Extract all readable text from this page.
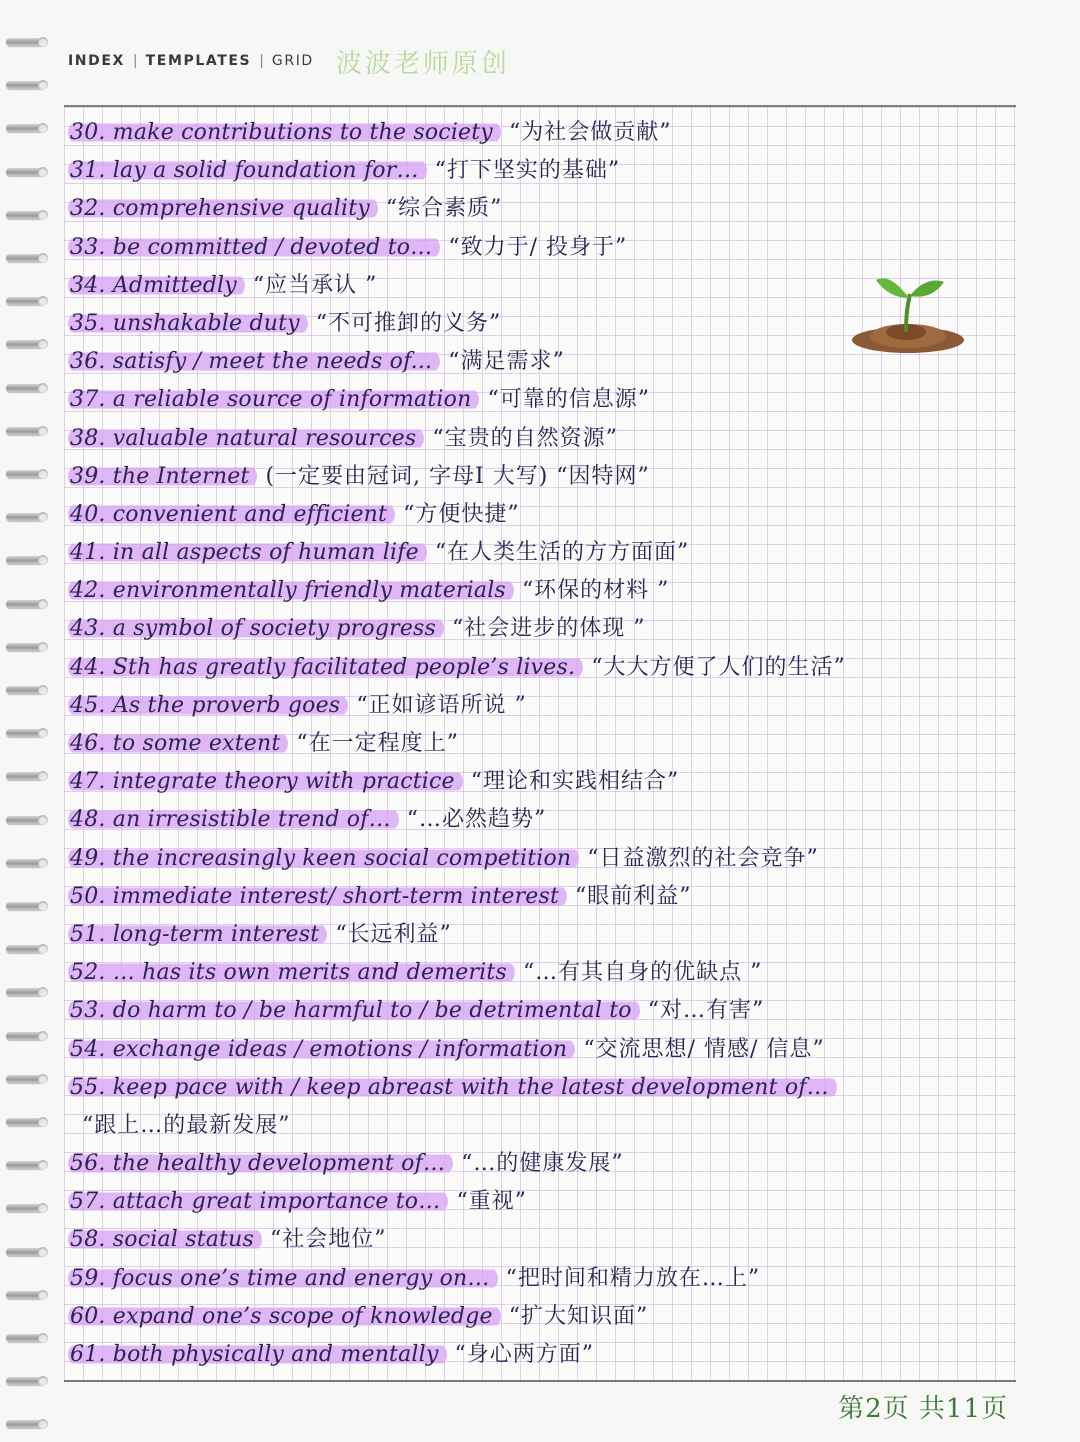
INDEX | TEMPLATES | GRID 波波老师原创
30. make contributions to the society “为社会做贡献”
31. lay a solid foundation for… “打下坚实的基础”
32. comprehensive quality “综合素质”
33. be committed / devoted to… “致力于/ 投身于”
34. Admittedly “应当承认 ”
35. unshakable duty “不可推卸的义务”
36. satisfy / meet the needs of... “满足需求”
37. a reliable source of information “可靠的信息源”
38. valuable natural resources “宝贵的自然资源”
39. the Internet (一定要由冠词, 字母I 大写) “因特网”
40. convenient and efficient “方便快捷”
41. in all aspects of human life “在人类生活的方方面面”
42. environmentally friendly materials “环保的材料 ”
43. a symbol of society progress “社会进步的体现 ”
44. Sth has greatly facilitated people’s lives. “大大方便了人们的生活”
45. As the proverb goes “正如谚语所说 ”
46. to some extent “在一定程度上”
47. integrate theory with practice “理论和实践相结合”
48. an irresistible trend of… “…必然趋势”
49. the increasingly keen social competition “日益激烈的社会竞争”
50. immediate interest/ short-term interest “眼前利益”
51. long-term interest “长远利益”
52. … has its own merits and demerits “…有其自身的优缺点 ”
53. do harm to / be harmful to / be detrimental to “对…有害”
54. exchange ideas / emotions / information “交流思想/ 情感/ 信息”
55. keep pace with / keep abreast with the latest development of…
“跟上…的最新发展”
56. the healthy development of… “…的健康发展”
57. attach great importance to… “重视”
58. social status “社会地位”
59. focus one’s time and energy on… “把时间和精力放在…上”
60. expand one’s scope of knowledge “扩大知识面”
61. both physically and mentally “身心两方面”
第2页 共11页
